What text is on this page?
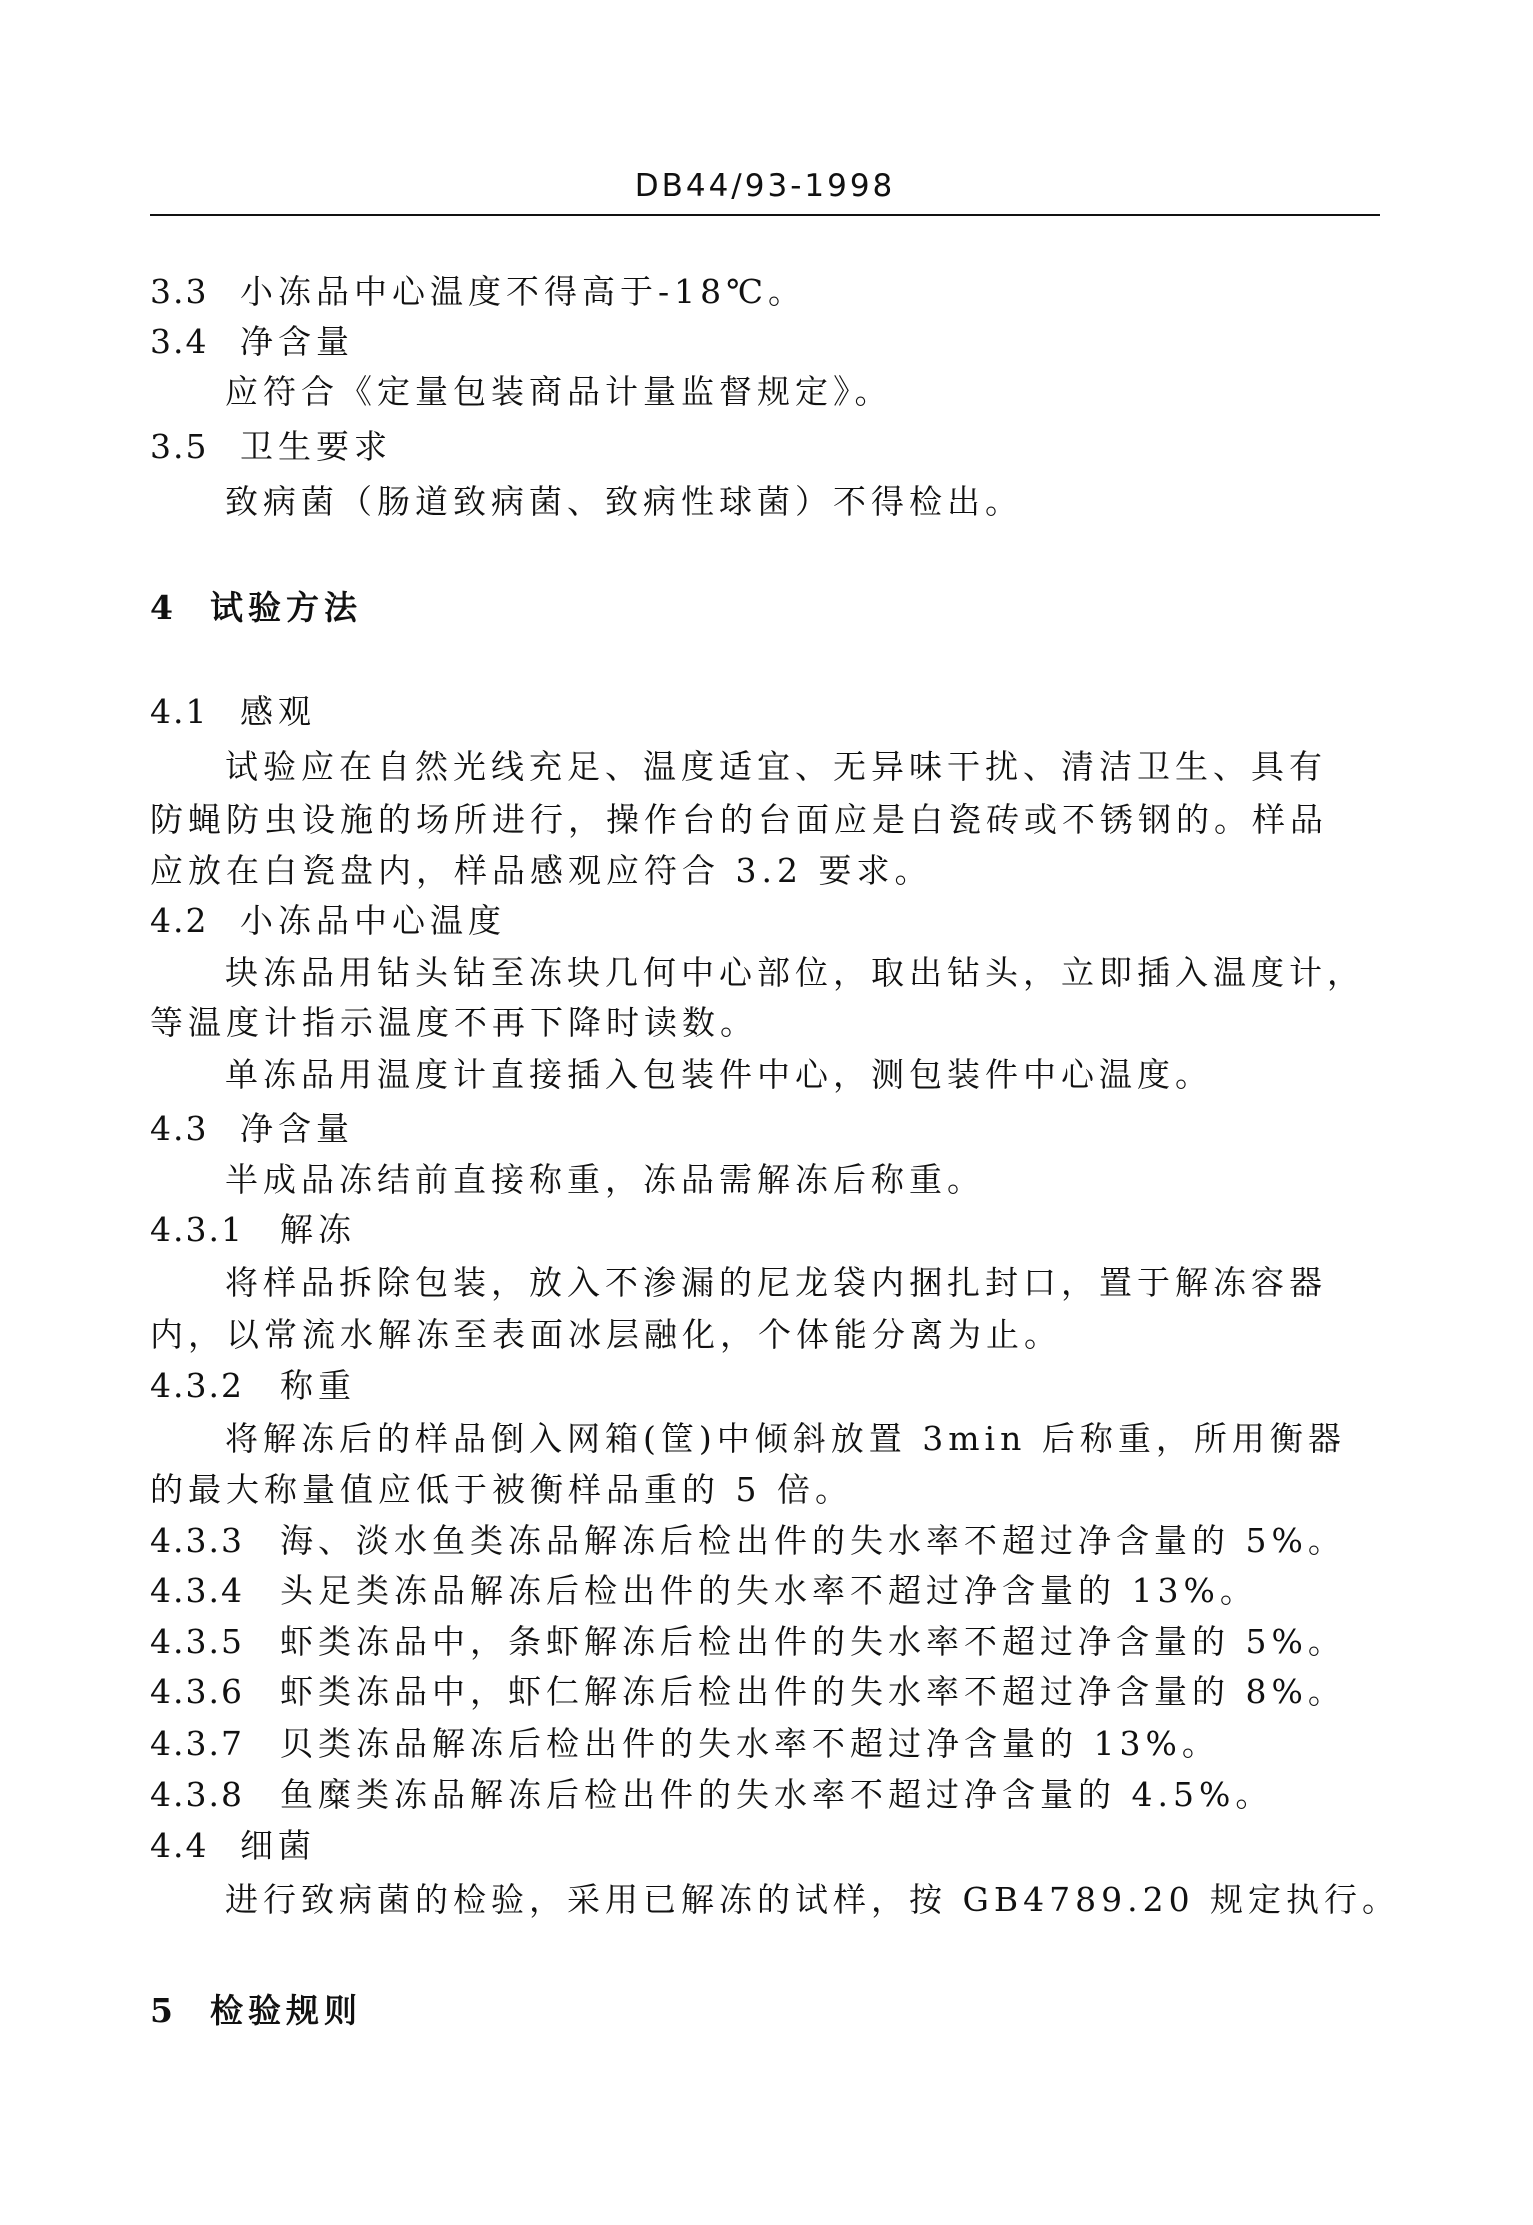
DB44/93-1998
3.3 小冻品中心温度不得高于-18℃。
3.4 净含量
应符合《定量包装商品计量监督规定》。
3.5 卫生要求
致病菌（肠道致病菌、致病性球菌）不得检出。
4 试验方法
4.1 感观
试验应在自然光线充足、温度适宜、无异味干扰、清洁卫生、具有
防蝇防虫设施的场所进行，操作台的台面应是白瓷砖或不锈钢的。样品
应放在白瓷盘内，样品感观应符合 3.2 要求。
4.2 小冻品中心温度
块冻品用钻头钻至冻块几何中心部位，取出钻头，立即插入温度计，
等温度计指示温度不再下降时读数。
单冻品用温度计直接插入包装件中心，测包装件中心温度。
4.3 净含量
半成品冻结前直接称重，冻品需解冻后称重。
4.3.1 解冻
将样品拆除包装，放入不渗漏的尼龙袋内捆扎封口，置于解冻容器
内，以常流水解冻至表面冰层融化，个体能分离为止。
4.3.2 称重
将解冻后的样品倒入网箱(筐)中倾斜放置 3min 后称重，所用衡器
的最大称量值应低于被衡样品重的 5 倍。
4.3.3 海、淡水鱼类冻品解冻后检出件的失水率不超过净含量的 5%。
4.3.4 头足类冻品解冻后检出件的失水率不超过净含量的 13%。
4.3.5 虾类冻品中，条虾解冻后检出件的失水率不超过净含量的 5%。
4.3.6 虾类冻品中，虾仁解冻后检出件的失水率不超过净含量的 8%。
4.3.7 贝类冻品解冻后检出件的失水率不超过净含量的 13%。
4.3.8 鱼糜类冻品解冻后检出件的失水率不超过净含量的 4.5%。
4.4 细菌
进行致病菌的检验，采用已解冻的试样，按 GB4789.20 规定执行。
5 检验规则
